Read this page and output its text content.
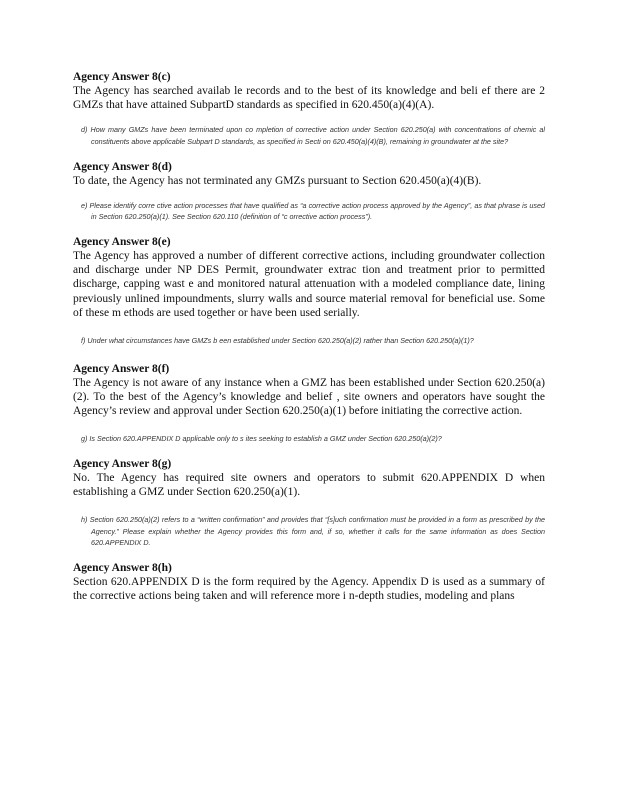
Agency Answer 8(c)

The Agency has searched availab le records and to the best of its knowledge and beli ef there are 2 GMZs that have attained SubpartD standards as specified in 620.450(a)(4)(A).

d) How many GMZs have been terminated upon co mpletion of corrective action under Section 620.250(a) with concentrations of chemic al constituents above applicable Subpart D standards, as specified in Secti on 620.450(a)(4)(B), remaining in groundwater at the site?

Agency Answer 8(d)

To date, the Agency has not terminated any GMZs pursuant to Section 620.450(a)(4)(B).

e) Please identify corre ctive action processes that have qualified as “a corrective action process approved by the Agency”, as that phrase is used in Section 620.250(a)(1). See Section 620.110 (definition of “c orrective action process”).

Agency Answer 8(e)

The Agency has approved a number of different corrective actions, including groundwater collection and discharge under NP DES Permit, groundwater extrac tion and treatment prior to permitted discharge, capping wast e and monitored natural attenuation with a modeled compliance date, lining previously unlined impoundments, slurry walls and source material removal for beneficial use. Some of these m ethods are used together or have been used serially.

f) Under what circumstances have GMZs b een established under Section 620.250(a)(2) rather than Section 620.250(a)(1)?

Agency Answer 8(f)

The Agency is not aware of any instance when a GMZ has been established under Section 620.250(a)(2). To the best of the Agency’s knowledge and belief , site owners and operators have sought the Agency’s review and approval under Section 620.250(a)(1) before initiating the corrective action.

g) Is Section 620.APPENDIX D applicable only to s ites seeking to establish a GMZ under Section 620.250(a)(2)?

Agency Answer 8(g)

No. The Agency has required site owners and operators to submit 620.APPENDIX D when establishing a GMZ under Section 620.250(a)(1).

h) Section 620.250(a)(2) refers to a “written confirmation” and provides that “[s]uch confirmation must be provided in a form as prescribed by the Agency.” Please explain whether the Agency provides this form and, if so, whether it calls for the same information as does Section 620.APPENDIX D.

Agency Answer 8(h)

Section 620.APPENDIX D is the form required by the Agency. Appendix D is used as a summary of the corrective actions being taken and will reference more i n-depth studies, modeling and plans
